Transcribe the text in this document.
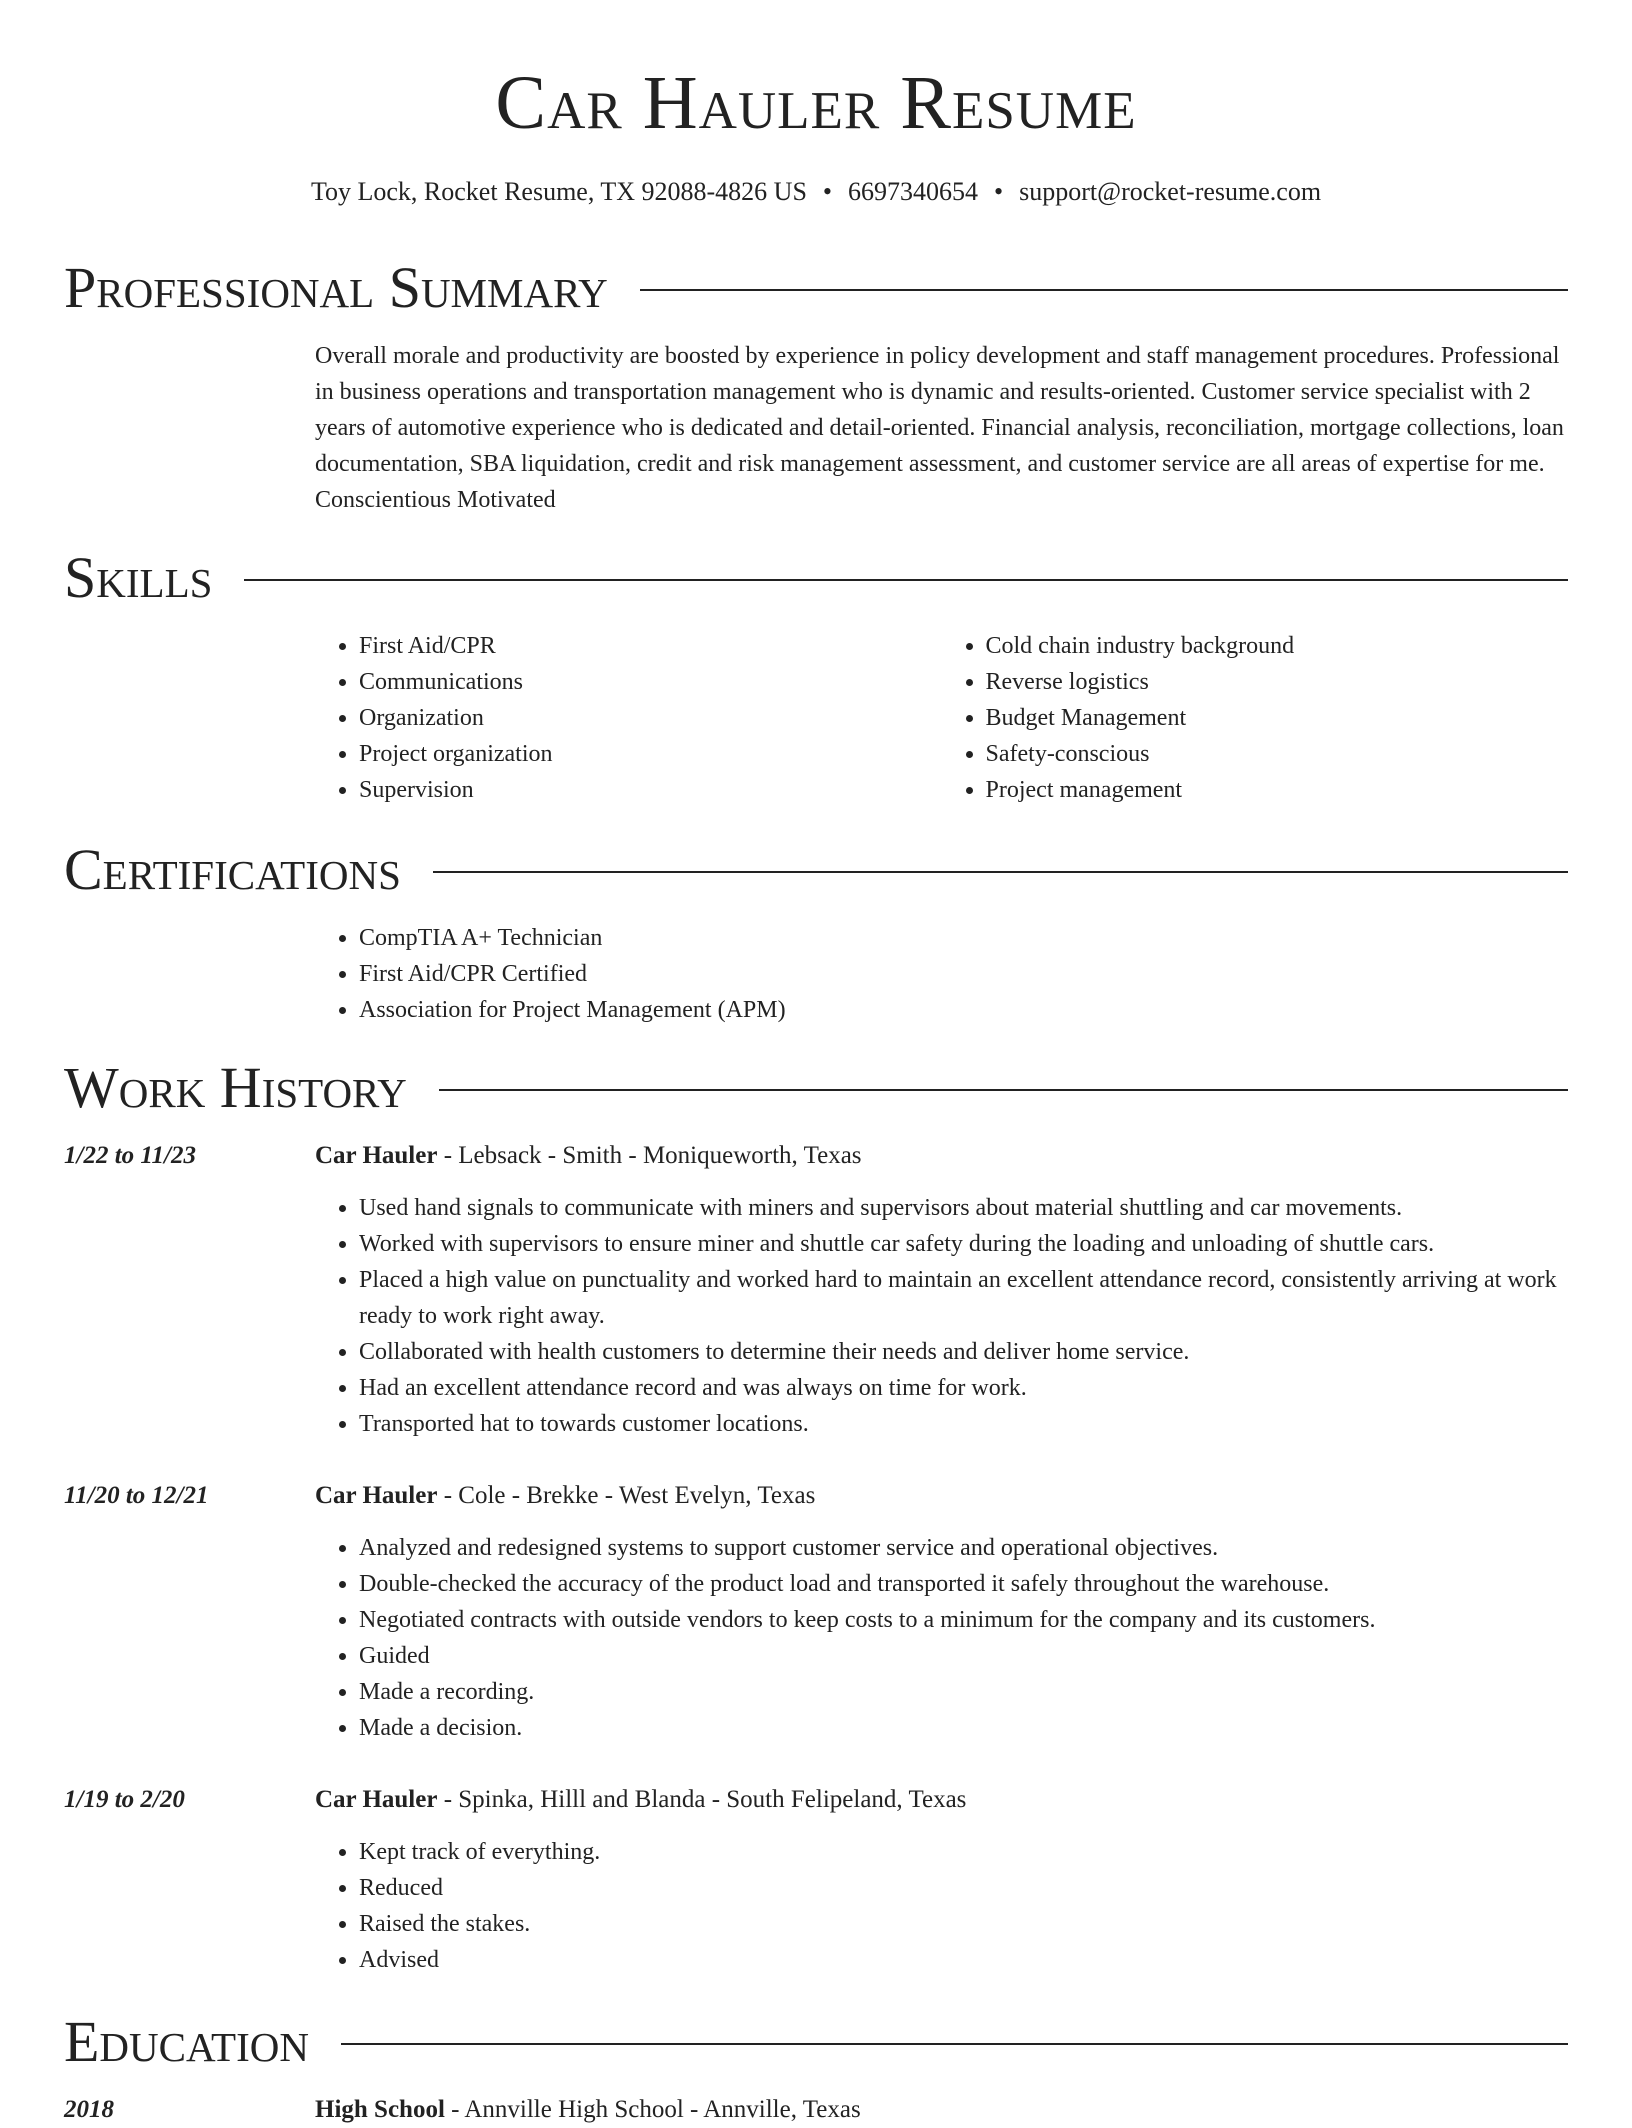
Car Hauler Resume
Toy Lock, Rocket Resume, TX 92088-4826 US • 6697340654 • support@rocket-resume.com
Professional Summary
Overall morale and productivity are boosted by experience in policy development and staff management procedures. Professional in business operations and transportation management who is dynamic and results-oriented. Customer service specialist with 2 years of automotive experience who is dedicated and detail-oriented. Financial analysis, reconciliation, mortgage collections, loan documentation, SBA liquidation, credit and risk management assessment, and customer service are all areas of expertise for me. Conscientious Motivated
Skills
• First Aid/CPR
• Communications
• Organization
• Project organization
• Supervision
• Cold chain industry background
• Reverse logistics
• Budget Management
• Safety-conscious
• Project management
Certifications
• CompTIA A+ Technician
• First Aid/CPR Certified
• Association for Project Management (APM)
Work History
1/22 to 11/23	Car Hauler - Lebsack - Smith - Moniqueworth, Texas
• Used hand signals to communicate with miners and supervisors about material shuttling and car movements.
• Worked with supervisors to ensure miner and shuttle car safety during the loading and unloading of shuttle cars.
• Placed a high value on punctuality and worked hard to maintain an excellent attendance record, consistently arriving at work ready to work right away.
• Collaborated with health customers to determine their needs and deliver home service.
• Had an excellent attendance record and was always on time for work.
• Transported hat to towards customer locations.
11/20 to 12/21	Car Hauler - Cole - Brekke - West Evelyn, Texas
• Analyzed and redesigned systems to support customer service and operational objectives.
• Double-checked the accuracy of the product load and transported it safely throughout the warehouse.
• Negotiated contracts with outside vendors to keep costs to a minimum for the company and its customers.
• Guided
• Made a recording.
• Made a decision.
1/19 to 2/20	Car Hauler - Spinka, Hilll and Blanda - South Felipeland, Texas
• Kept track of everything.
• Reduced
• Raised the stakes.
• Advised
Education
2018	High School - Annville High School - Annville, Texas
